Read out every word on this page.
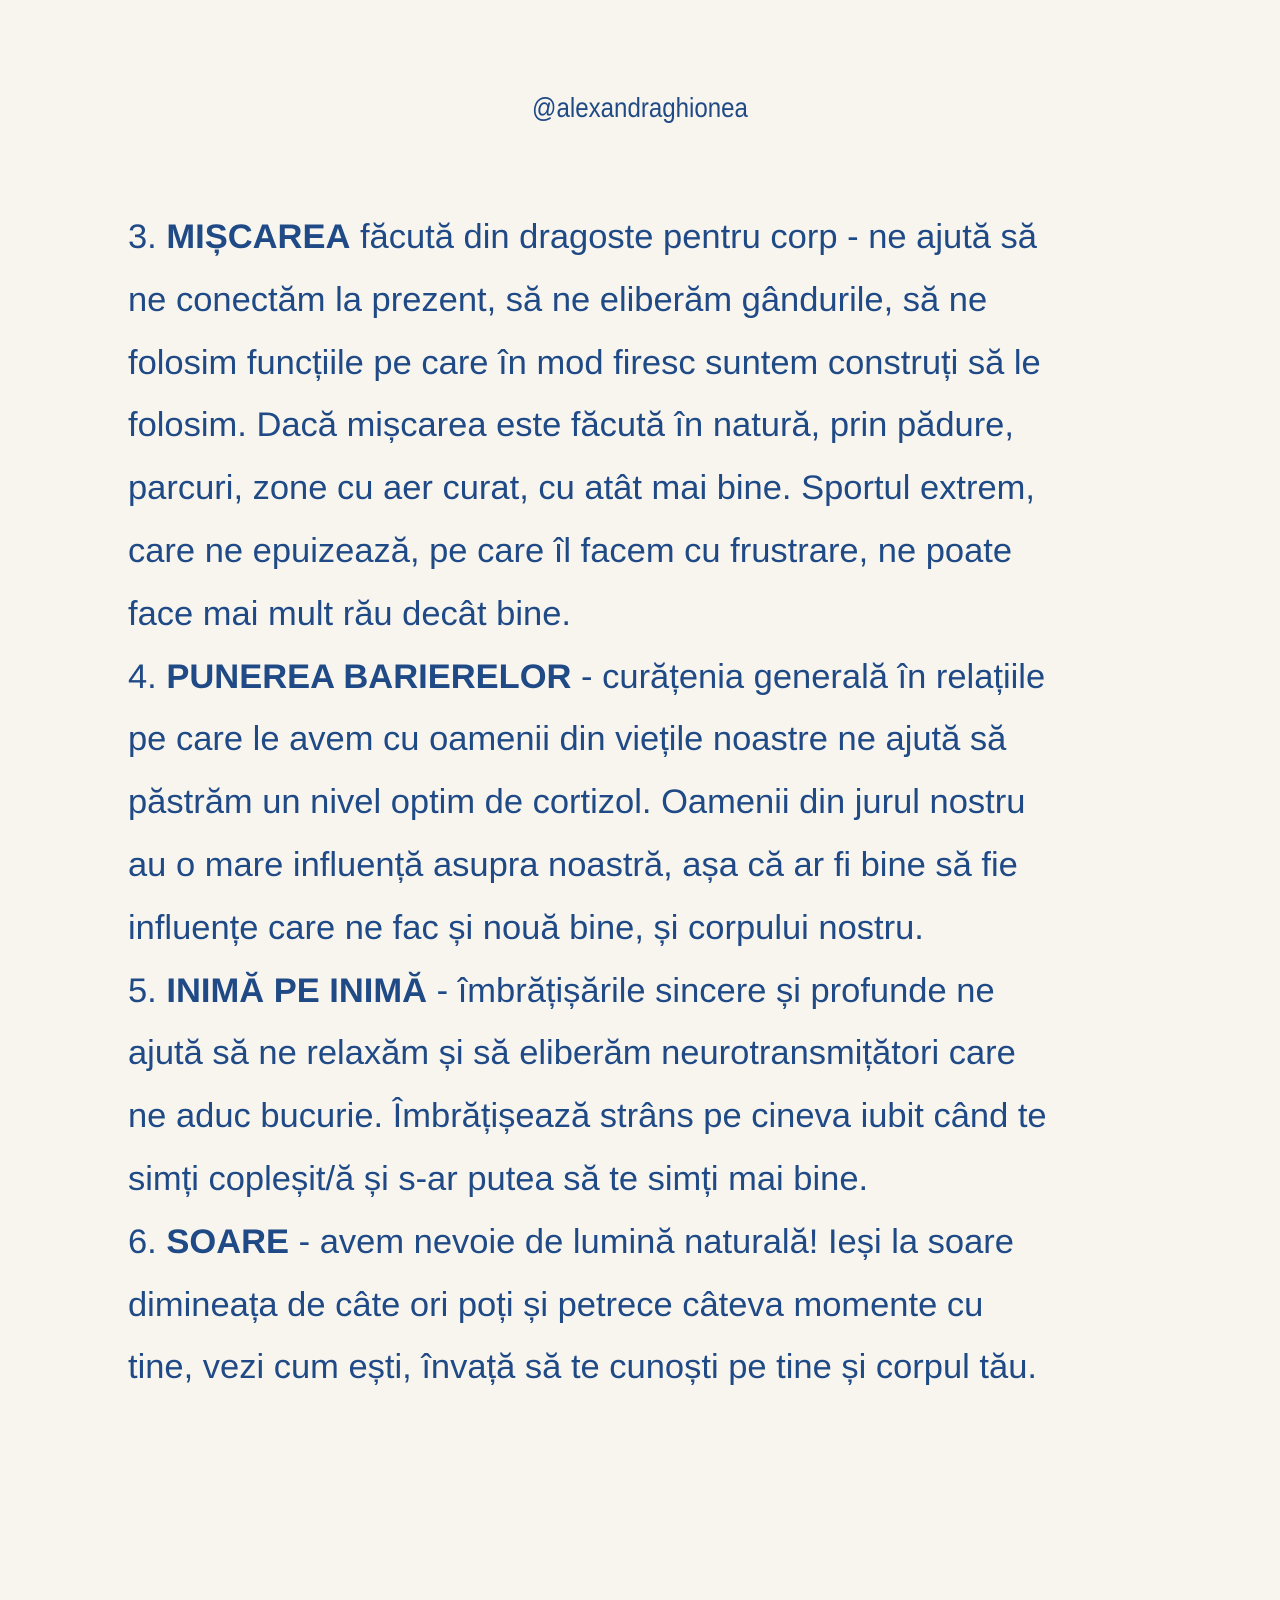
@alexandraghionea
3. MIȘCAREA făcută din dragoste pentru corp - ne ajută să
ne conectăm la prezent, să ne eliberăm gândurile, să ne
folosim funcțiile pe care în mod firesc suntem construți să le
folosim. Dacă mișcarea este făcută în natură, prin pădure,
parcuri, zone cu aer curat, cu atât mai bine. Sportul extrem,
care ne epuizează, pe care îl facem cu frustrare, ne poate
face mai mult rău decât bine.
4. PUNEREA BARIERELOR - curățenia generală în relațiile
pe care le avem cu oamenii din viețile noastre ne ajută să
păstrăm un nivel optim de cortizol. Oamenii din jurul nostru
au o mare influență asupra noastră, așa că ar fi bine să fie
influențe care ne fac și nouă bine, și corpului nostru.
5. INIMĂ PE INIMĂ - îmbrățișările sincere și profunde ne
ajută să ne relaxăm și să eliberăm neurotransmițători care
ne aduc bucurie. Îmbrățișează strâns pe cineva iubit când te
simți copleșit/ă și s-ar putea să te simți mai bine.
6. SOARE - avem nevoie de lumină naturală! Ieși la soare
dimineața de câte ori poți și petrece câteva momente cu
tine, vezi cum ești, învață să te cunoști pe tine și corpul tău.
